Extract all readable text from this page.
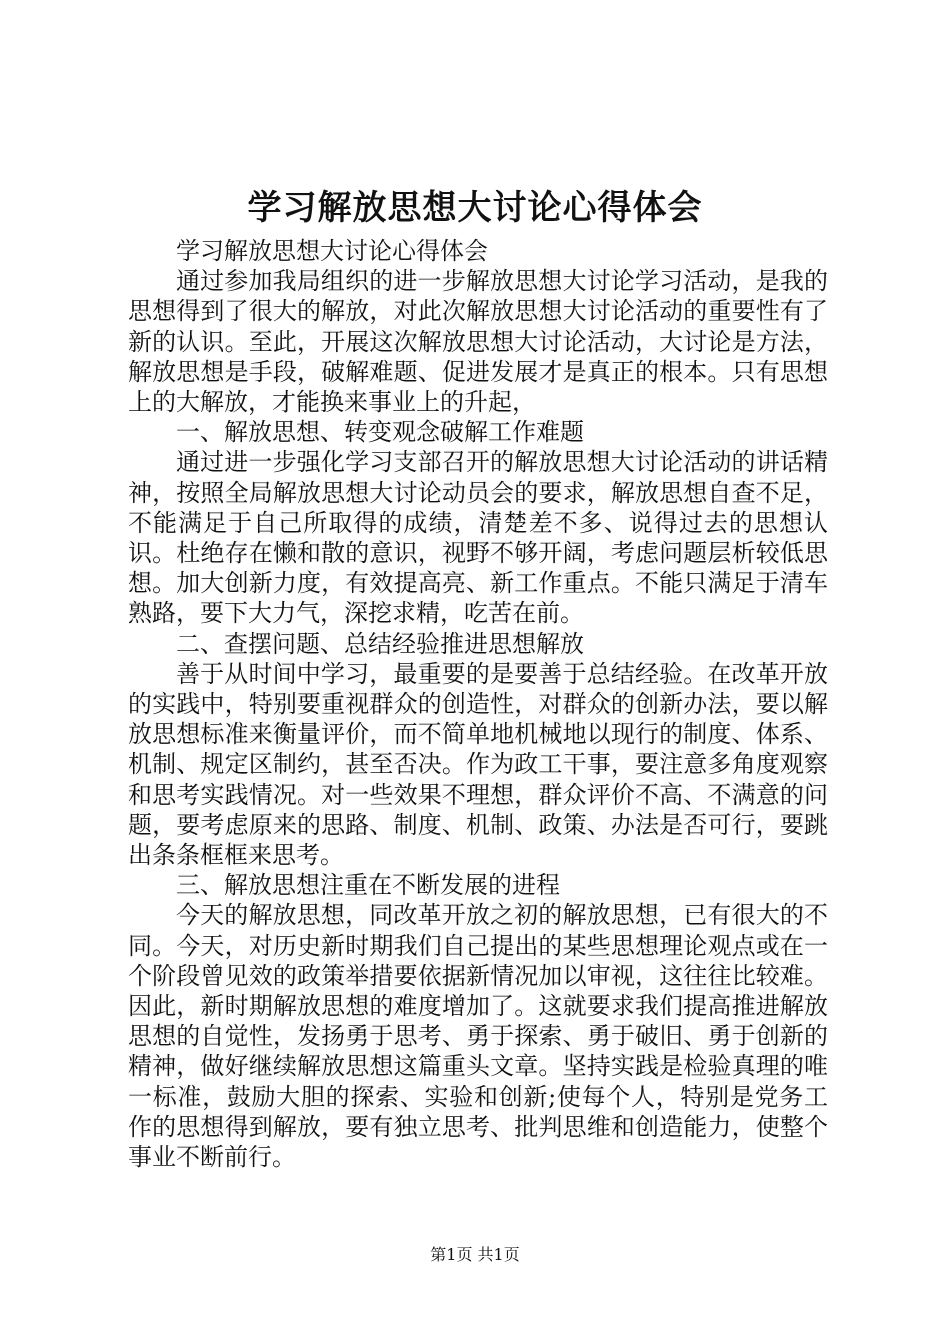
学习解放思想大讨论心得体会

学习解放思想大讨论心得体会

通过参加我局组织的进一步解放思想大讨论学习活动，是我的思想得到了很大的解放，对此次解放思想大讨论活动的重要性有了新的认识。至此，开展这次解放思想大讨论活动，大讨论是方法，解放思想是手段，破解难题、促进发展才是真正的根本。只有思想上的大解放，才能换来事业上的升起，

一、解放思想、转变观念破解工作难题

通过进一步强化学习支部召开的解放思想大讨论活动的讲话精神，按照全局解放思想大讨论动员会的要求，解放思想自查不足，不能满足于自己所取得的成绩，清楚差不多、说得过去的思想认识。杜绝存在懒和散的意识，视野不够开阔，考虑问题层析较低思想。加大创新力度，有效提高亮、新工作重点。不能只满足于清车熟路，要下大力气，深挖求精，吃苦在前。

二、查摆问题、总结经验推进思想解放

善于从时间中学习，最重要的是要善于总结经验。在改革开放的实践中，特别要重视群众的创造性，对群众的创新办法，要以解放思想标准来衡量评价，而不简单地机械地以现行的制度、体系、机制、规定区制约，甚至否决。作为政工干事，要注意多角度观察和思考实践情况。对一些效果不理想，群众评价不高、不满意的问题，要考虑原来的思路、制度、机制、政策、办法是否可行，要跳出条条框框来思考。

三、解放思想注重在不断发展的进程

今天的解放思想，同改革开放之初的解放思想，已有很大的不同。今天，对历史新时期我们自己提出的某些思想理论观点或在一个阶段曾见效的政策举措要依据新情况加以审视，这往往比较难。因此，新时期解放思想的难度增加了。这就要求我们提高推进解放思想的自觉性，发扬勇于思考、勇于探索、勇于破旧、勇于创新的精神，做好继续解放思想这篇重头文章。坚持实践是检验真理的唯一标准，鼓励大胆的探索、实验和创新;使每个人，特别是党务工作的思想得到解放，要有独立思考、批判思维和创造能力，使整个事业不断前行。

第1页 共1页
